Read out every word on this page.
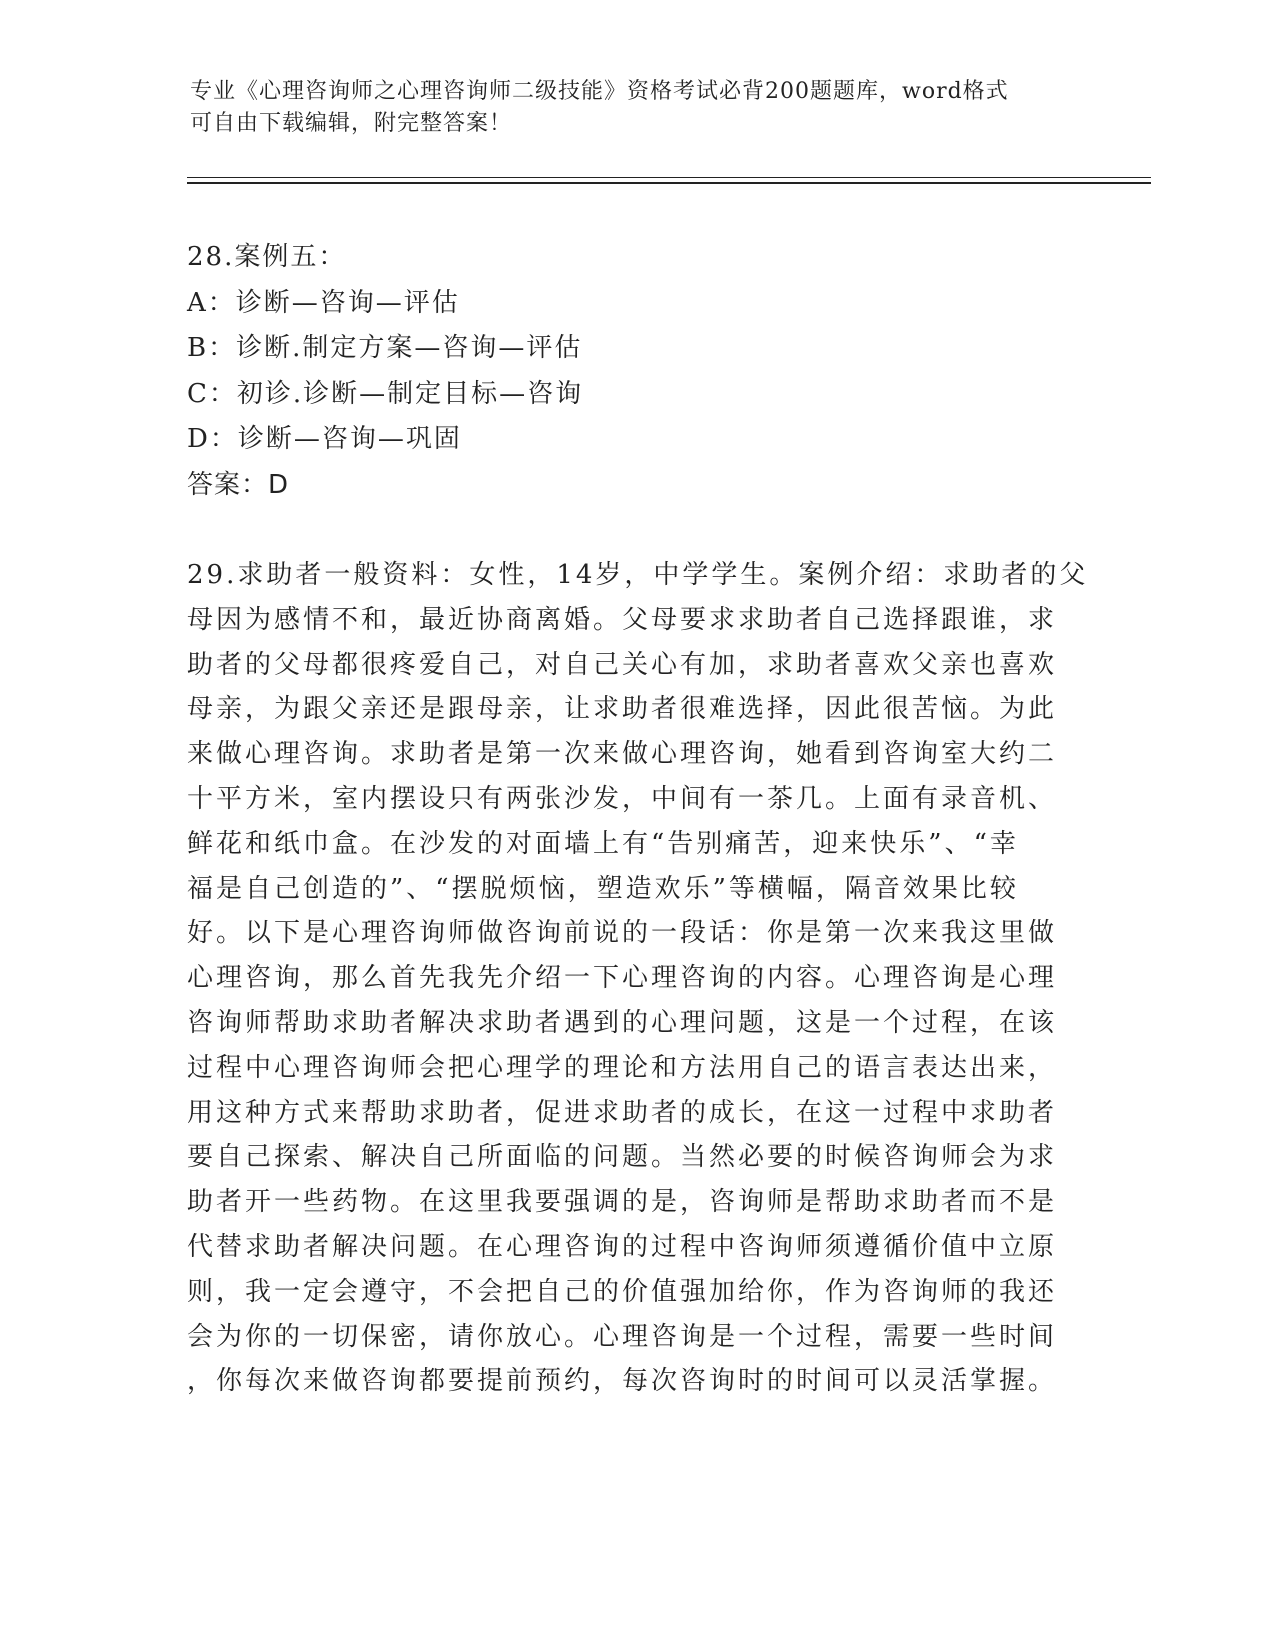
专业《心理咨询师之心理咨询师二级技能》资格考试必背200题题库，word格式
可自由下载编辑，附完整答案！
28.案例五：
A：诊断—咨询—评估
B：诊断.制定方案—咨询—评估
C：初诊.诊断—制定目标—咨询
D：诊断—咨询—巩固
答案：D
29.求助者一般资料：女性，14岁，中学学生。案例介绍：求助者的父
母因为感情不和，最近协商离婚。父母要求求助者自己选择跟谁，求
助者的父母都很疼爱自己，对自己关心有加，求助者喜欢父亲也喜欢
母亲，为跟父亲还是跟母亲，让求助者很难选择，因此很苦恼。为此
来做心理咨询。求助者是第一次来做心理咨询，她看到咨询室大约二
十平方米，室内摆设只有两张沙发，中间有一茶几。上面有录音机、
鲜花和纸巾盒。在沙发的对面墙上有“告别痛苦，迎来快乐”、“幸
福是自己创造的”、“摆脱烦恼，塑造欢乐”等横幅，隔音效果比较
好。以下是心理咨询师做咨询前说的一段话：你是第一次来我这里做
心理咨询，那么首先我先介绍一下心理咨询的内容。心理咨询是心理
咨询师帮助求助者解决求助者遇到的心理问题，这是一个过程，在该
过程中心理咨询师会把心理学的理论和方法用自己的语言表达出来，
用这种方式来帮助求助者，促进求助者的成长，在这一过程中求助者
要自己探索、解决自己所面临的问题。当然必要的时候咨询师会为求
助者开一些药物。在这里我要强调的是，咨询师是帮助求助者而不是
代替求助者解决问题。在心理咨询的过程中咨询师须遵循价值中立原
则，我一定会遵守，不会把自己的价值强加给你，作为咨询师的我还
会为你的一切保密，请你放心。心理咨询是一个过程，需要一些时间
，你每次来做咨询都要提前预约，每次咨询时的时间可以灵活掌握。
